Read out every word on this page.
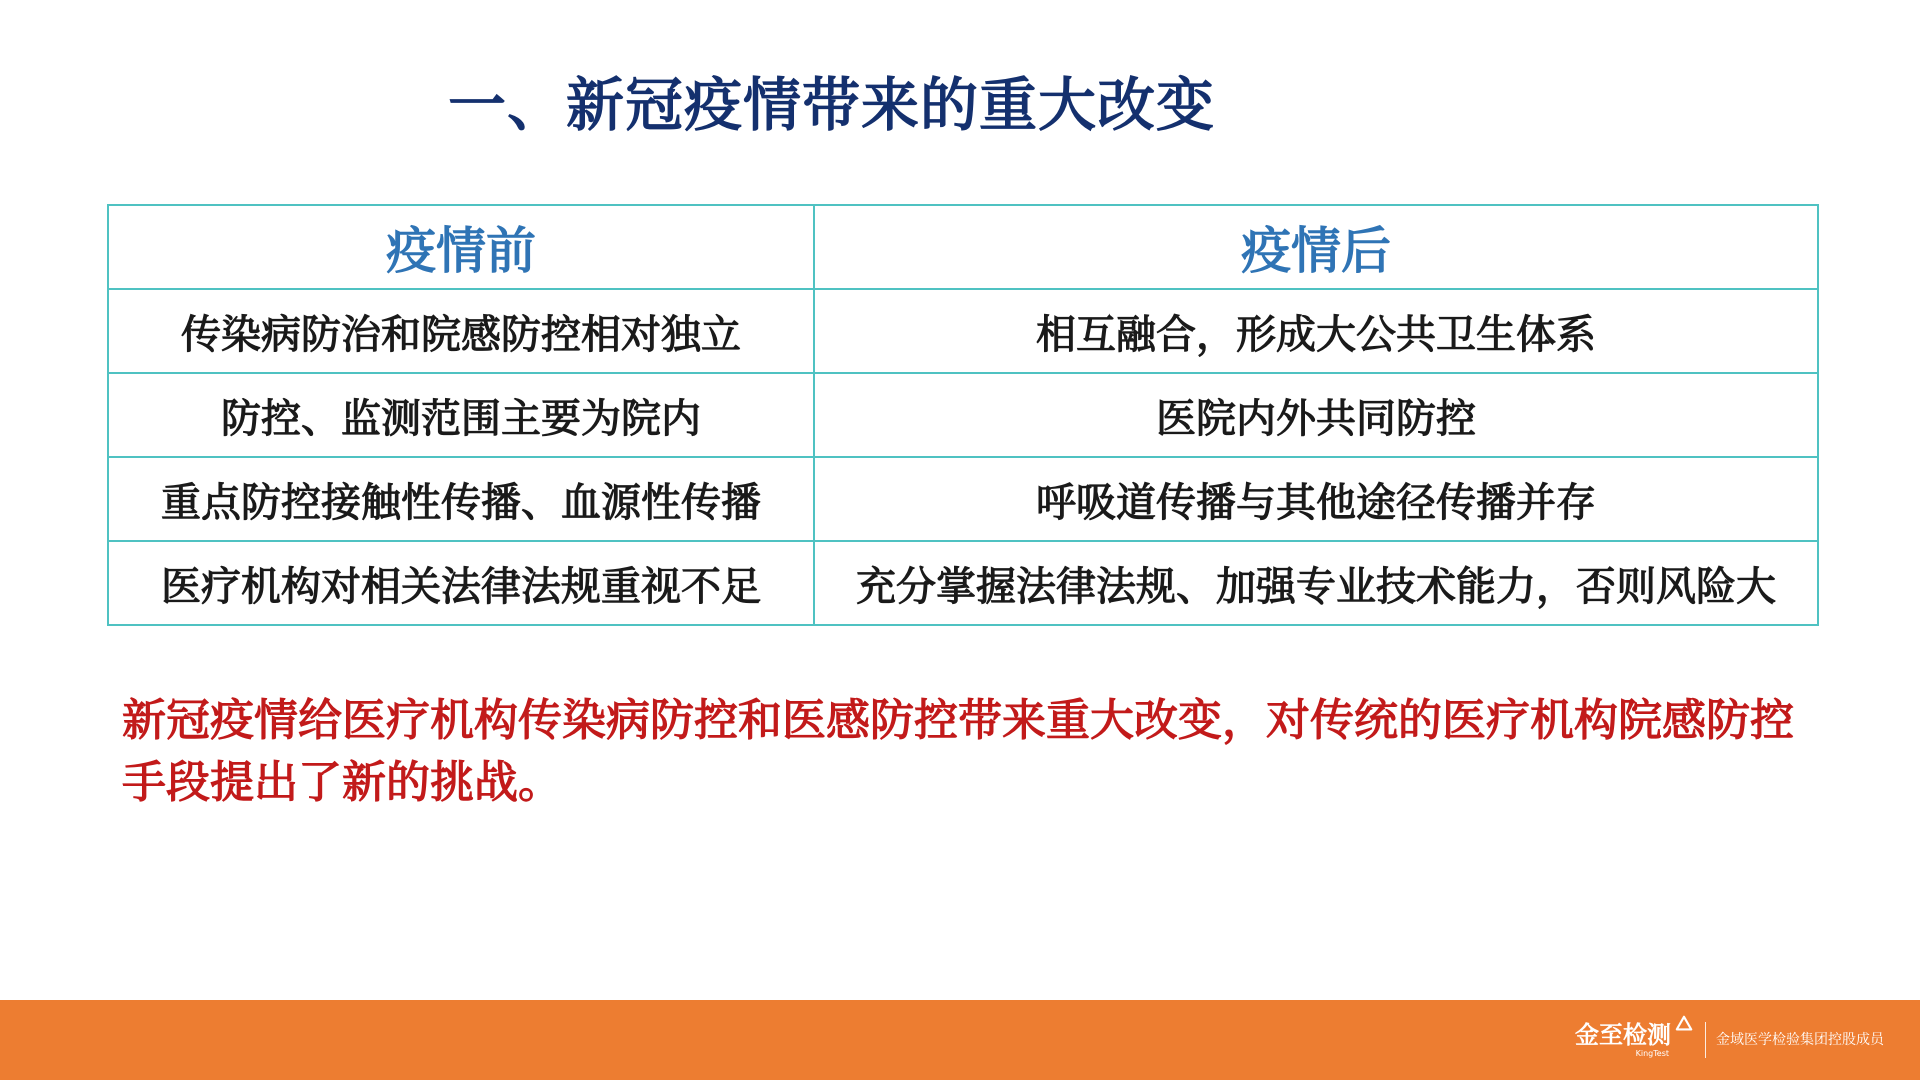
一、新冠疫情带来的重大改变
疫情前	疫情后
传染病防治和院感防控相对独立	相互融合，形成大公共卫生体系
防控、监测范围主要为院内	医院内外共同防控
重点防控接触性传播、血源性传播	呼吸道传播与其他途径传播并存
医疗机构对相关法律法规重视不足	充分掌握法律法规、加强专业技术能力，否则风险大
新冠疫情给医疗机构传染病防控和医感防控带来重大改变，对传统的医疗机构院感防控手段提出了新的挑战。
金至检测
KingTest
金域医学检验集团控股成员
